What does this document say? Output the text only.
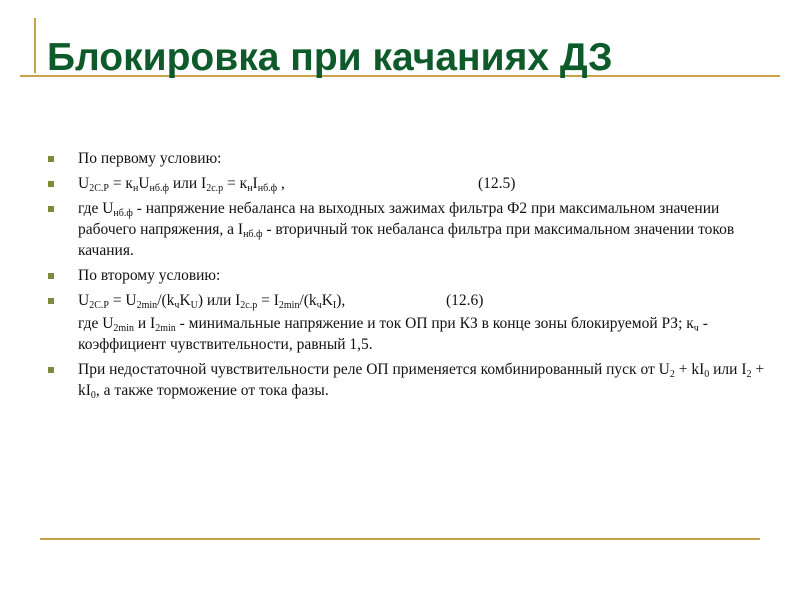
Блокировка при качаниях ДЗ
По первому условию:
$U_{2С.Р} = к_нU_{нб.ф}$ или $I_{2с.р} = к_нI_{нб.ф}$ ,	(12.5)
где $U_{нб.ф}$ - напряжение небаланса на выходных зажимах фильтра Ф2 при максимальном значении рабочего напряжения, а $I_{нб.ф}$ - вторичный ток небаланса фильтра при максимальном значении токов качания.
По второму условию:
$U_{2С.Р} = U_{2min}/(k_чK_U)$ или $I_{2с.р} = I_{2min}/(k_чK_I)$,	(12.6)
где $U_{2min}$ и $I_{2min}$ - минимальные напряжение и ток ОП при КЗ в конце зоны блокируемой РЗ; $к_ч$ - коэффициент чувствительности, равный 1,5.
При недостаточной чувствительности реле ОП применяется комбинированный пуск от $U_2 + kI_0$ или $I_2 + kI_0$, а также торможение от тока фазы.
